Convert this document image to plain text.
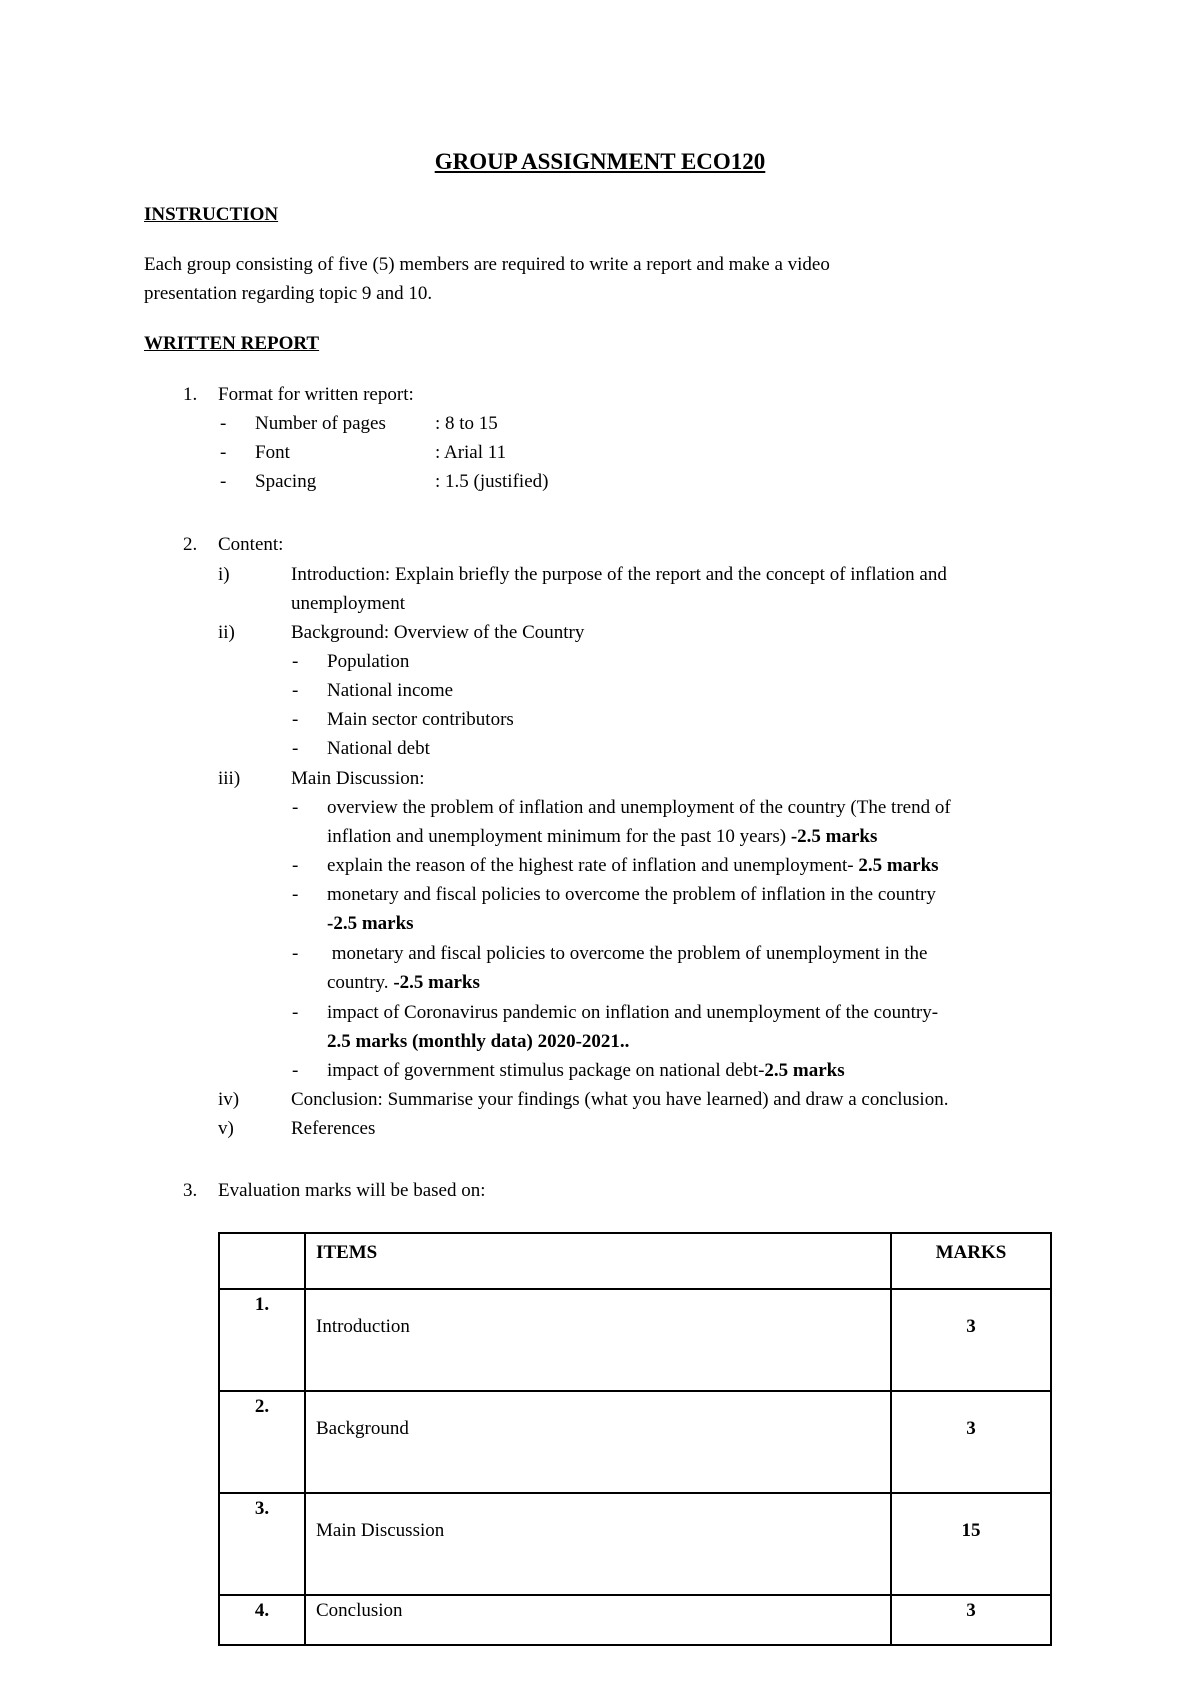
GROUP ASSIGNMENT ECO120
INSTRUCTION
Each group consisting of five (5) members are required to write a report and make a video
presentation regarding topic 9 and 10.
WRITTEN REPORT
1. Format for written report:
- Number of pages	: 8 to 15
- Font	: Arial 11
- Spacing	: 1.5 (justified)
2. Content:
i)	Introduction: Explain briefly the purpose of the report and the concept of inflation and
unemployment
ii)	Background: Overview of the Country
- Population
- National income
- Main sector contributors
- National debt
iii)	Main Discussion:
- overview the problem of inflation and unemployment of the country (The trend of
inflation and unemployment minimum for the past 10 years) -2.5 marks
- explain the reason of the highest rate of inflation and unemployment- 2.5 marks
- monetary and fiscal policies to overcome the problem of inflation in the country
-2.5 marks
- monetary and fiscal policies to overcome the problem of unemployment in the
country. -2.5 marks
- impact of Coronavirus pandemic on inflation and unemployment of the country-
2.5 marks (monthly data) 2020-2021..
- impact of government stimulus package on national debt-2.5 marks
iv)	Conclusion: Summarise your findings (what you have learned) and draw a conclusion.
v)	References
3. Evaluation marks will be based on:
	ITEMS	MARKS
1.	Introduction	3
2.	Background	3
3.	Main Discussion	15
4.	Conclusion	3
